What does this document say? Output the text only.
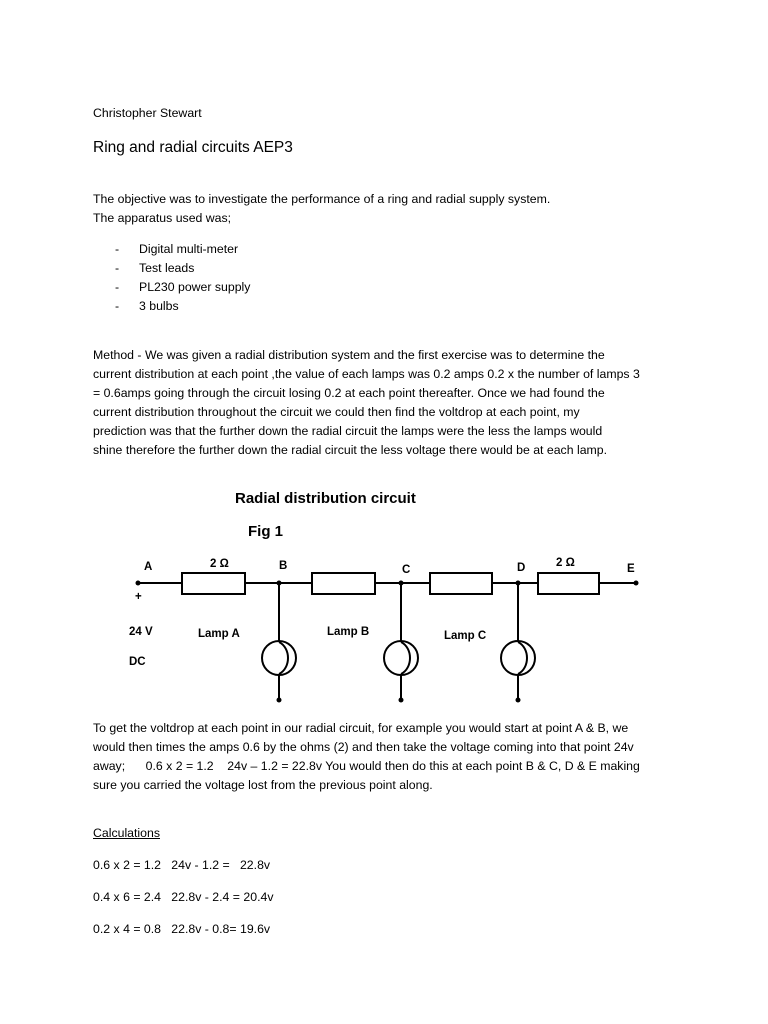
Christopher Stewart
Ring and radial circuits AEP3
The objective was to investigate the performance of a ring and radial supply system.
The apparatus used was;
- Digital multi-meter
- Test leads
- PL230 power supply
- 3 bulbs
Method - We was given a radial distribution system and the first exercise was to determine the
current distribution at each point ,the value of each lamps was 0.2 amps 0.2 x the number of lamps 3
= 0.6amps going through the circuit losing 0.2 at each point thereafter. Once we had found the
current distribution throughout the circuit we could then find the voltdrop at each point, my
prediction was that the further down the radial circuit the lamps were the less the lamps would
shine therefore the further down the radial circuit the less voltage there would be at each lamp.
Radial distribution circuit
Fig 1
A	B	C	D	E
2 Ω	2 Ω
+
24 V
DC
Lamp A	Lamp B	Lamp C
To get the voltdrop at each point in our radial circuit, for example you would start at point A & B, we
would then times the amps 0.6 by the ohms (2) and then take the voltage coming into that point 24v
away;      0.6 x 2 = 1.2    24v – 1.2 = 22.8v You would then do this at each point B & C, D & E making
sure you carried the voltage lost from the previous point along.
Calculations
0.6 x 2 = 1.2   24v - 1.2 =   22.8v
0.4 x 6 = 2.4   22.8v - 2.4 = 20.4v
0.2 x 4 = 0.8   22.8v - 0.8= 19.6v
